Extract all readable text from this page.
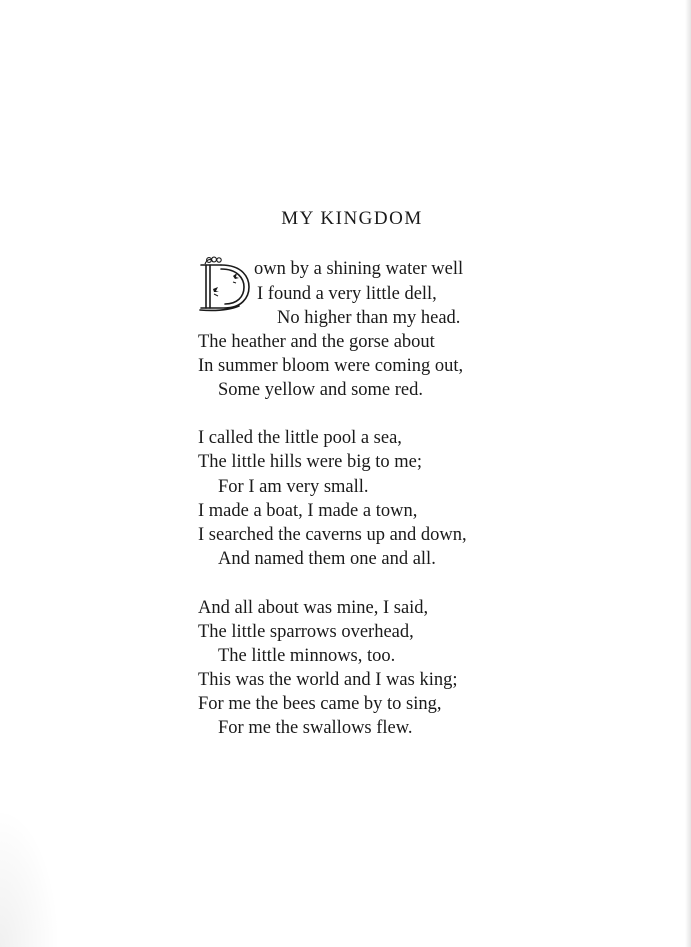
MY KINGDOM
own by a shining water well
I found a very little dell,
No higher than my head.
The heather and the gorse about
In summer bloom were coming out,
Some yellow and some red.
I called the little pool a sea,
The little hills were big to me;
For I am very small.
I made a boat, I made a town,
I searched the caverns up and down,
And named them one and all.
And all about was mine, I said,
The little sparrows overhead,
The little minnows, too.
This was the world and I was king;
For me the bees came by to sing,
For me the swallows flew.
